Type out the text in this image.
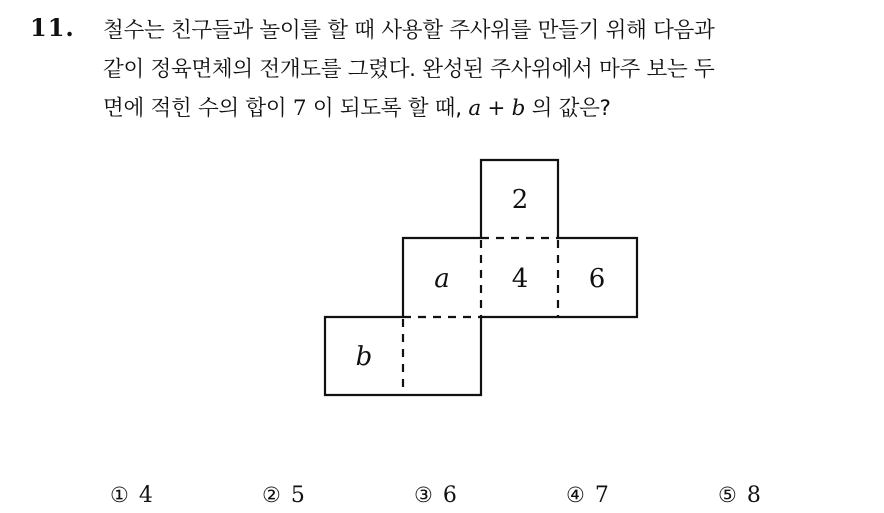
11. 철수는 친구들과 놀이를 할 때 사용할 주사위를 만들기 위해 다음과
같이 정육면체의 전개도를 그렸다. 완성된 주사위에서 마주 보는 두
면에 적힌 수의 합이 7 이 되도록 할 때, a + b 의 값은?
2
a 4 6
b
① 4	② 5	③ 6	④ 7	⑤ 8
